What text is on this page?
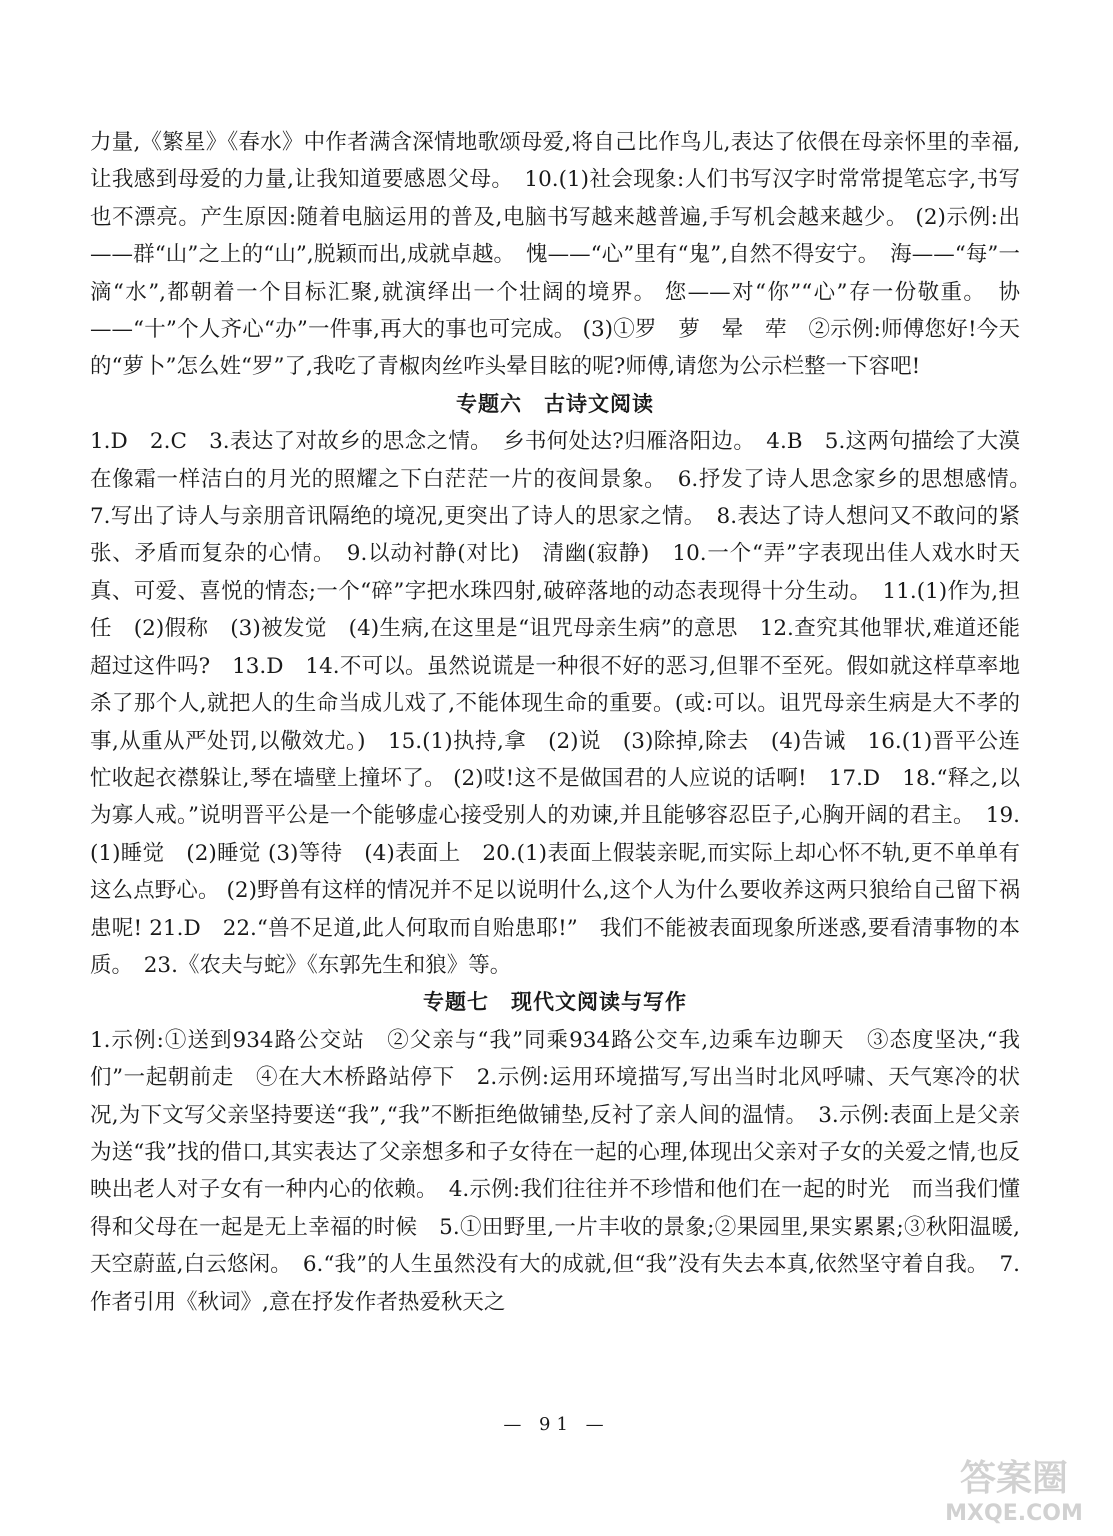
力量,《繁星》《春水》中作者满含深情地歌颂母爱,将自己比作鸟儿,表达了依偎在母亲怀里的幸福,让我感到母爱的力量,让我知道要感恩父母。　10.(1)社会现象:人们书写汉字时常常提笔忘字,书写也不漂亮。产生原因:随着电脑运用的普及,电脑书写越来越普遍,手写机会越来越少。 (2)示例:出——群“山”之上的“山”,脱颖而出,成就卓越。　愧——“心”里有“鬼”,自然不得安宁。　海——“每”一滴“水”,都朝着一个目标汇聚,就演绎出一个壮阔的境界。 您——对“你”“心”存一份敬重。　协——“十”个人齐心“办”一件事,再大的事也可完成。 (3)①罗　萝　晕　荦　②示例:师傅您好!今天的“萝卜”怎么姓“罗”了,我吃了青椒肉丝咋头晕目眩的呢?师傅,请您为公示栏整一下容吧!

专题六　古诗文阅读

1.D　2.C　3.表达了对故乡的思念之情。　乡书何处达?归雁洛阳边。　4.B　5.这两句描绘了大漠在像霜一样洁白的月光的照耀之下白茫茫一片的夜间景象。　6.抒发了诗人思念家乡的思想感情。　7.写出了诗人与亲朋音讯隔绝的境况,更突出了诗人的思家之情。　8.表达了诗人想问又不敢问的紧张、矛盾而复杂的心情。　9.以动衬静(对比)　清幽(寂静)　10.一个“弄”字表现出佳人戏水时天真、可爱、喜悦的情态;一个“碎”字把水珠四射,破碎落地的动态表现得十分生动。　11.(1)作为,担任　(2)假称　(3)被发觉　(4)生病,在这里是“诅咒母亲生病”的意思　12.查究其他罪状,难道还能超过这件吗?　13.D　14.不可以。虽然说谎是一种很不好的恶习,但罪不至死。假如就这样草率地杀了那个人,就把人的生命当成儿戏了,不能体现生命的重要。(或:可以。诅咒母亲生病是大不孝的事,从重从严处罚,以儆效尤。)　15.(1)执持,拿　(2)说　(3)除掉,除去　(4)告诫　16.(1)晋平公连忙收起衣襟躲让,琴在墙壁上撞坏了。 (2)哎!这不是做国君的人应说的话啊!　17.D　18.“释之,以为寡人戒。”说明晋平公是一个能够虚心接受别人的劝谏,并且能够容忍臣子,心胸开阔的君主。　19.(1)睡觉　(2)睡觉 (3)等待　(4)表面上　20.(1)表面上假装亲昵,而实际上却心怀不轨,更不单单有这么点野心。 (2)野兽有这样的情况并不足以说明什么,这个人为什么要收养这两只狼给自己留下祸患呢! 21.D　22.“兽不足道,此人何取而自贻患耶!”　我们不能被表面现象所迷惑,要看清事物的本质。　23.《农夫与蛇》《东郭先生和狼》等。

专题七　现代文阅读与写作

1.示例:①送到934路公交站　②父亲与“我”同乘934路公交车,边乘车边聊天　③态度坚决,“我们”一起朝前走　④在大木桥路站停下　2.示例:运用环境描写,写出当时北风呼啸、天气寒冷的状况,为下文写父亲坚持要送“我”,“我”不断拒绝做铺垫,反衬了亲人间的温情。　3.示例:表面上是父亲为送“我”找的借口,其实表达了父亲想多和子女待在一起的心理,体现出父亲对子女的关爱之情,也反映出老人对子女有一种内心的依赖。　4.示例:我们往往并不珍惜和他们在一起的时光　而当我们懂得和父母在一起是无上幸福的时候　5.①田野里,一片丰收的景象;②果园里,果实累累;③秋阳温暖,天空蔚蓝,白云悠闲。　6.“我”的人生虽然没有大的成就,但“我”没有失去本真,依然坚守着自我。　7.作者引用《秋词》,意在抒发作者热爱秋天之

— 91 —
答案圈
MXQE.COM
